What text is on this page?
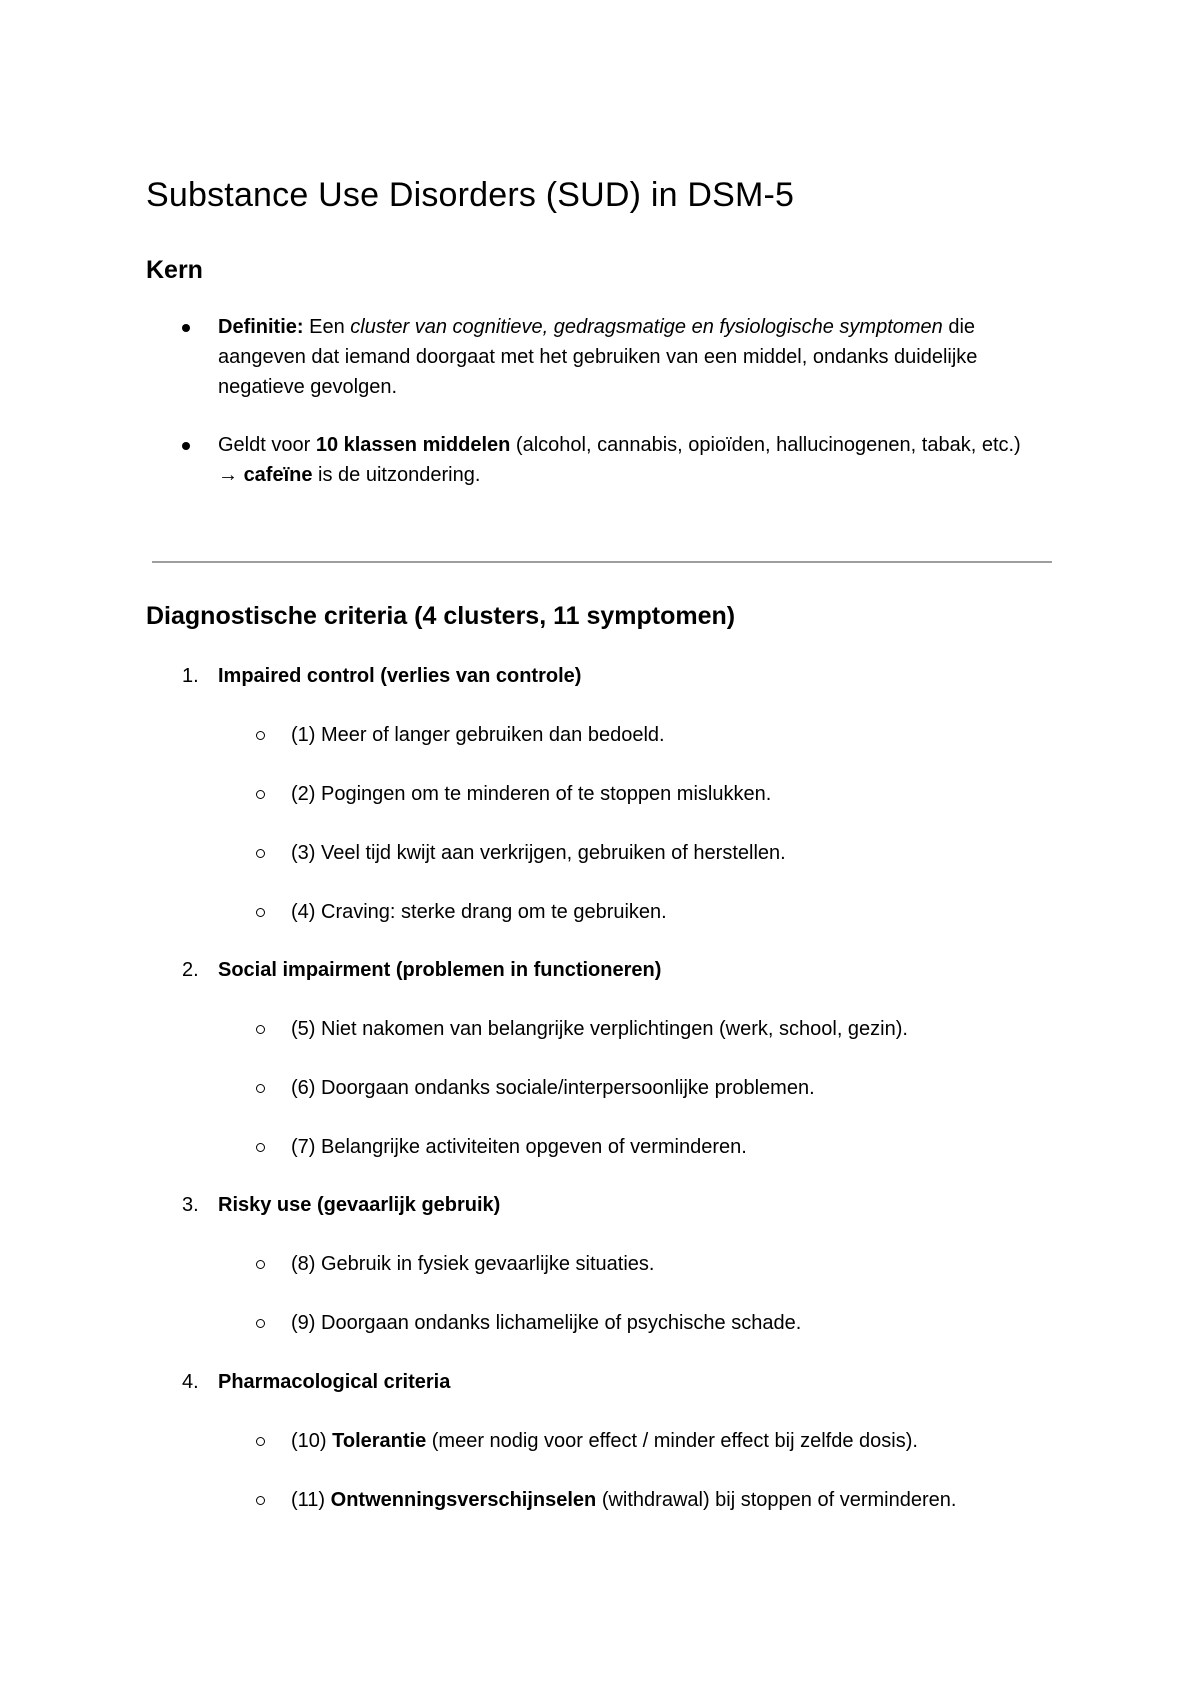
Substance Use Disorders (SUD) in DSM-5
Kern

Definitie: Een cluster van cognitieve, gedragsmatige en fysiologische symptomen die aangeven dat iemand doorgaat met het gebruiken van een middel, ondanks duidelijke negatieve gevolgen.

Geldt voor 10 klassen middelen (alcohol, cannabis, opioïden, hallucinogenen, tabak, etc.) → cafeïne is de uitzondering.

Diagnostische criteria (4 clusters, 11 symptomen)
1. Impaired control (verlies van controle)
(1) Meer of langer gebruiken dan bedoeld.
(2) Pogingen om te minderen of te stoppen mislukken.
(3) Veel tijd kwijt aan verkrijgen, gebruiken of herstellen.
(4) Craving: sterke drang om te gebruiken.
2. Social impairment (problemen in functioneren)
(5) Niet nakomen van belangrijke verplichtingen (werk, school, gezin).
(6) Doorgaan ondanks sociale/interpersoonlijke problemen.
(7) Belangrijke activiteiten opgeven of verminderen.
3. Risky use (gevaarlijk gebruik)
(8) Gebruik in fysiek gevaarlijke situaties.
(9) Doorgaan ondanks lichamelijke of psychische schade.
4. Pharmacological criteria
(10) Tolerantie (meer nodig voor effect / minder effect bij zelfde dosis).
(11) Ontwenningsverschijnselen (withdrawal) bij stoppen of verminderen.
